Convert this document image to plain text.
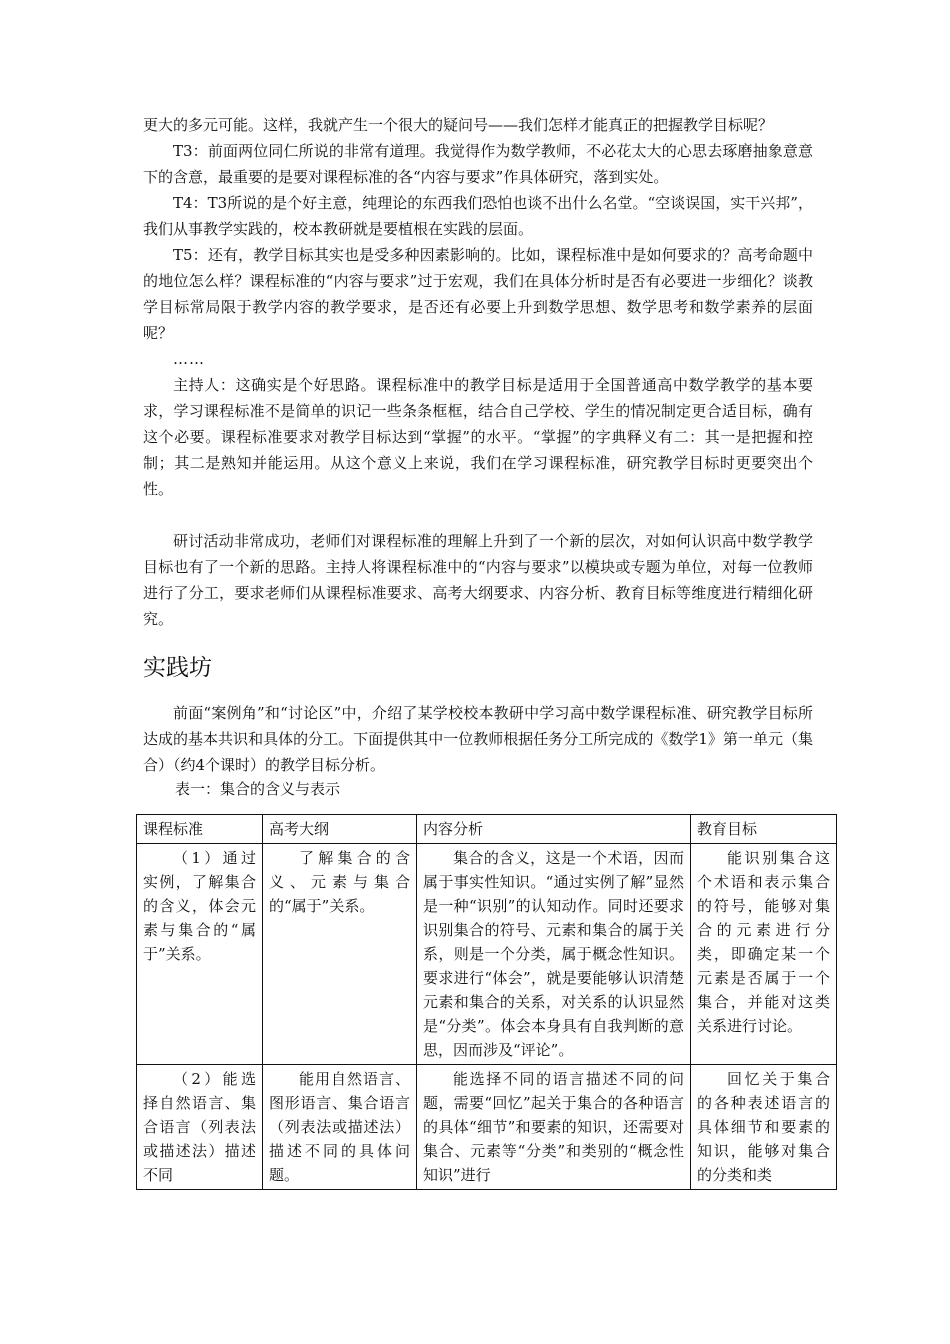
更大的多元可能。这样，我就产生一个很大的疑问号——我们怎样才能真正的把握教学目标呢？

T3：前面两位同仁所说的非常有道理。我觉得作为数学教师，不必花太大的心思去琢磨抽象意意下的含意，最重要的是要对课程标准的各“内容与要求”作具体研究，落到实处。

T4：T3所说的是个好主意，纯理论的东西我们恐怕也谈不出什么名堂。“空谈误国，实干兴邦”，我们从事教学实践的，校本教研就是要植根在实践的层面。

T5：还有，教学目标其实也是受多种因素影响的。比如，课程标准中是如何要求的？高考命题中的地位怎么样？课程标准的“内容与要求”过于宏观，我们在具体分析时是否有必要进一步细化？谈教学目标常局限于教学内容的教学要求，是否还有必要上升到数学思想、数学思考和数学素养的层面呢？

……

主持人：这确实是个好思路。课程标准中的教学目标是适用于全国普通高中数学教学的基本要求，学习课程标准不是简单的识记一些条条框框，结合自己学校、学生的情况制定更合适目标，确有这个必要。课程标准要求对教学目标达到“掌握”的水平。“掌握”的字典释义有二：其一是把握和控制；其二是熟知并能运用。从这个意义上来说，我们在学习课程标准，研究教学目标时更要突出个性。

研讨活动非常成功，老师们对课程标准的理解上升到了一个新的层次，对如何认识高中数学教学目标也有了一个新的思路。主持人将课程标准中的“内容与要求”以模块或专题为单位，对每一位教师进行了分工，要求老师们从课程标准要求、高考大纲要求、内容分析、教育目标等维度进行精细化研究。

实践坊

前面“案例角”和“讨论区”中，介绍了某学校校本教研中学习高中数学课程标准、研究教学目标所达成的基本共识和具体的分工。下面提供其中一位教师根据任务分工所完成的《数学1》第一单元（集合）（约4个课时）的教学目标分析。

表一：集合的含义与表示

课程标准	高考大纲	内容分析	教育目标
（1）通过实例，了解集合的含义，体会元素与集合的“属于”关系。	了解集合的含义、元素与集合的“属于”关系。	集合的含义，这是一个术语，因而属于事实性知识。“通过实例了解”显然是一种“识别”的认知动作。同时还要求识别集合的符号、元素和集合的属于关系，则是一个分类，属于概念性知识。要求进行“体会”，就是要能够认识清楚元素和集合的关系，对关系的认识显然是“分类”。体会本身具有自我判断的意思，因而涉及“评论”。	能识别集合这个术语和表示集合的符号，能够对集合的元素进行分类，即确定某一个元素是否属于一个集合，并能对这类关系进行讨论。
（2）能选择自然语言、集合语言（列表法或描述法）描述不同	能用自然语言、图形语言、集合语言（列表法或描述法）描述不同的具体问题。	能选择不同的语言描述不同的问题，需要“回忆”起关于集合的各种语言的具体“细节”和要素的知识，还需要对集合、元素等“分类”和类别的“概念性知识”进行	回忆关于集合的各种表述语言的具体细节和要素的知识，能够对集合的分类和类
